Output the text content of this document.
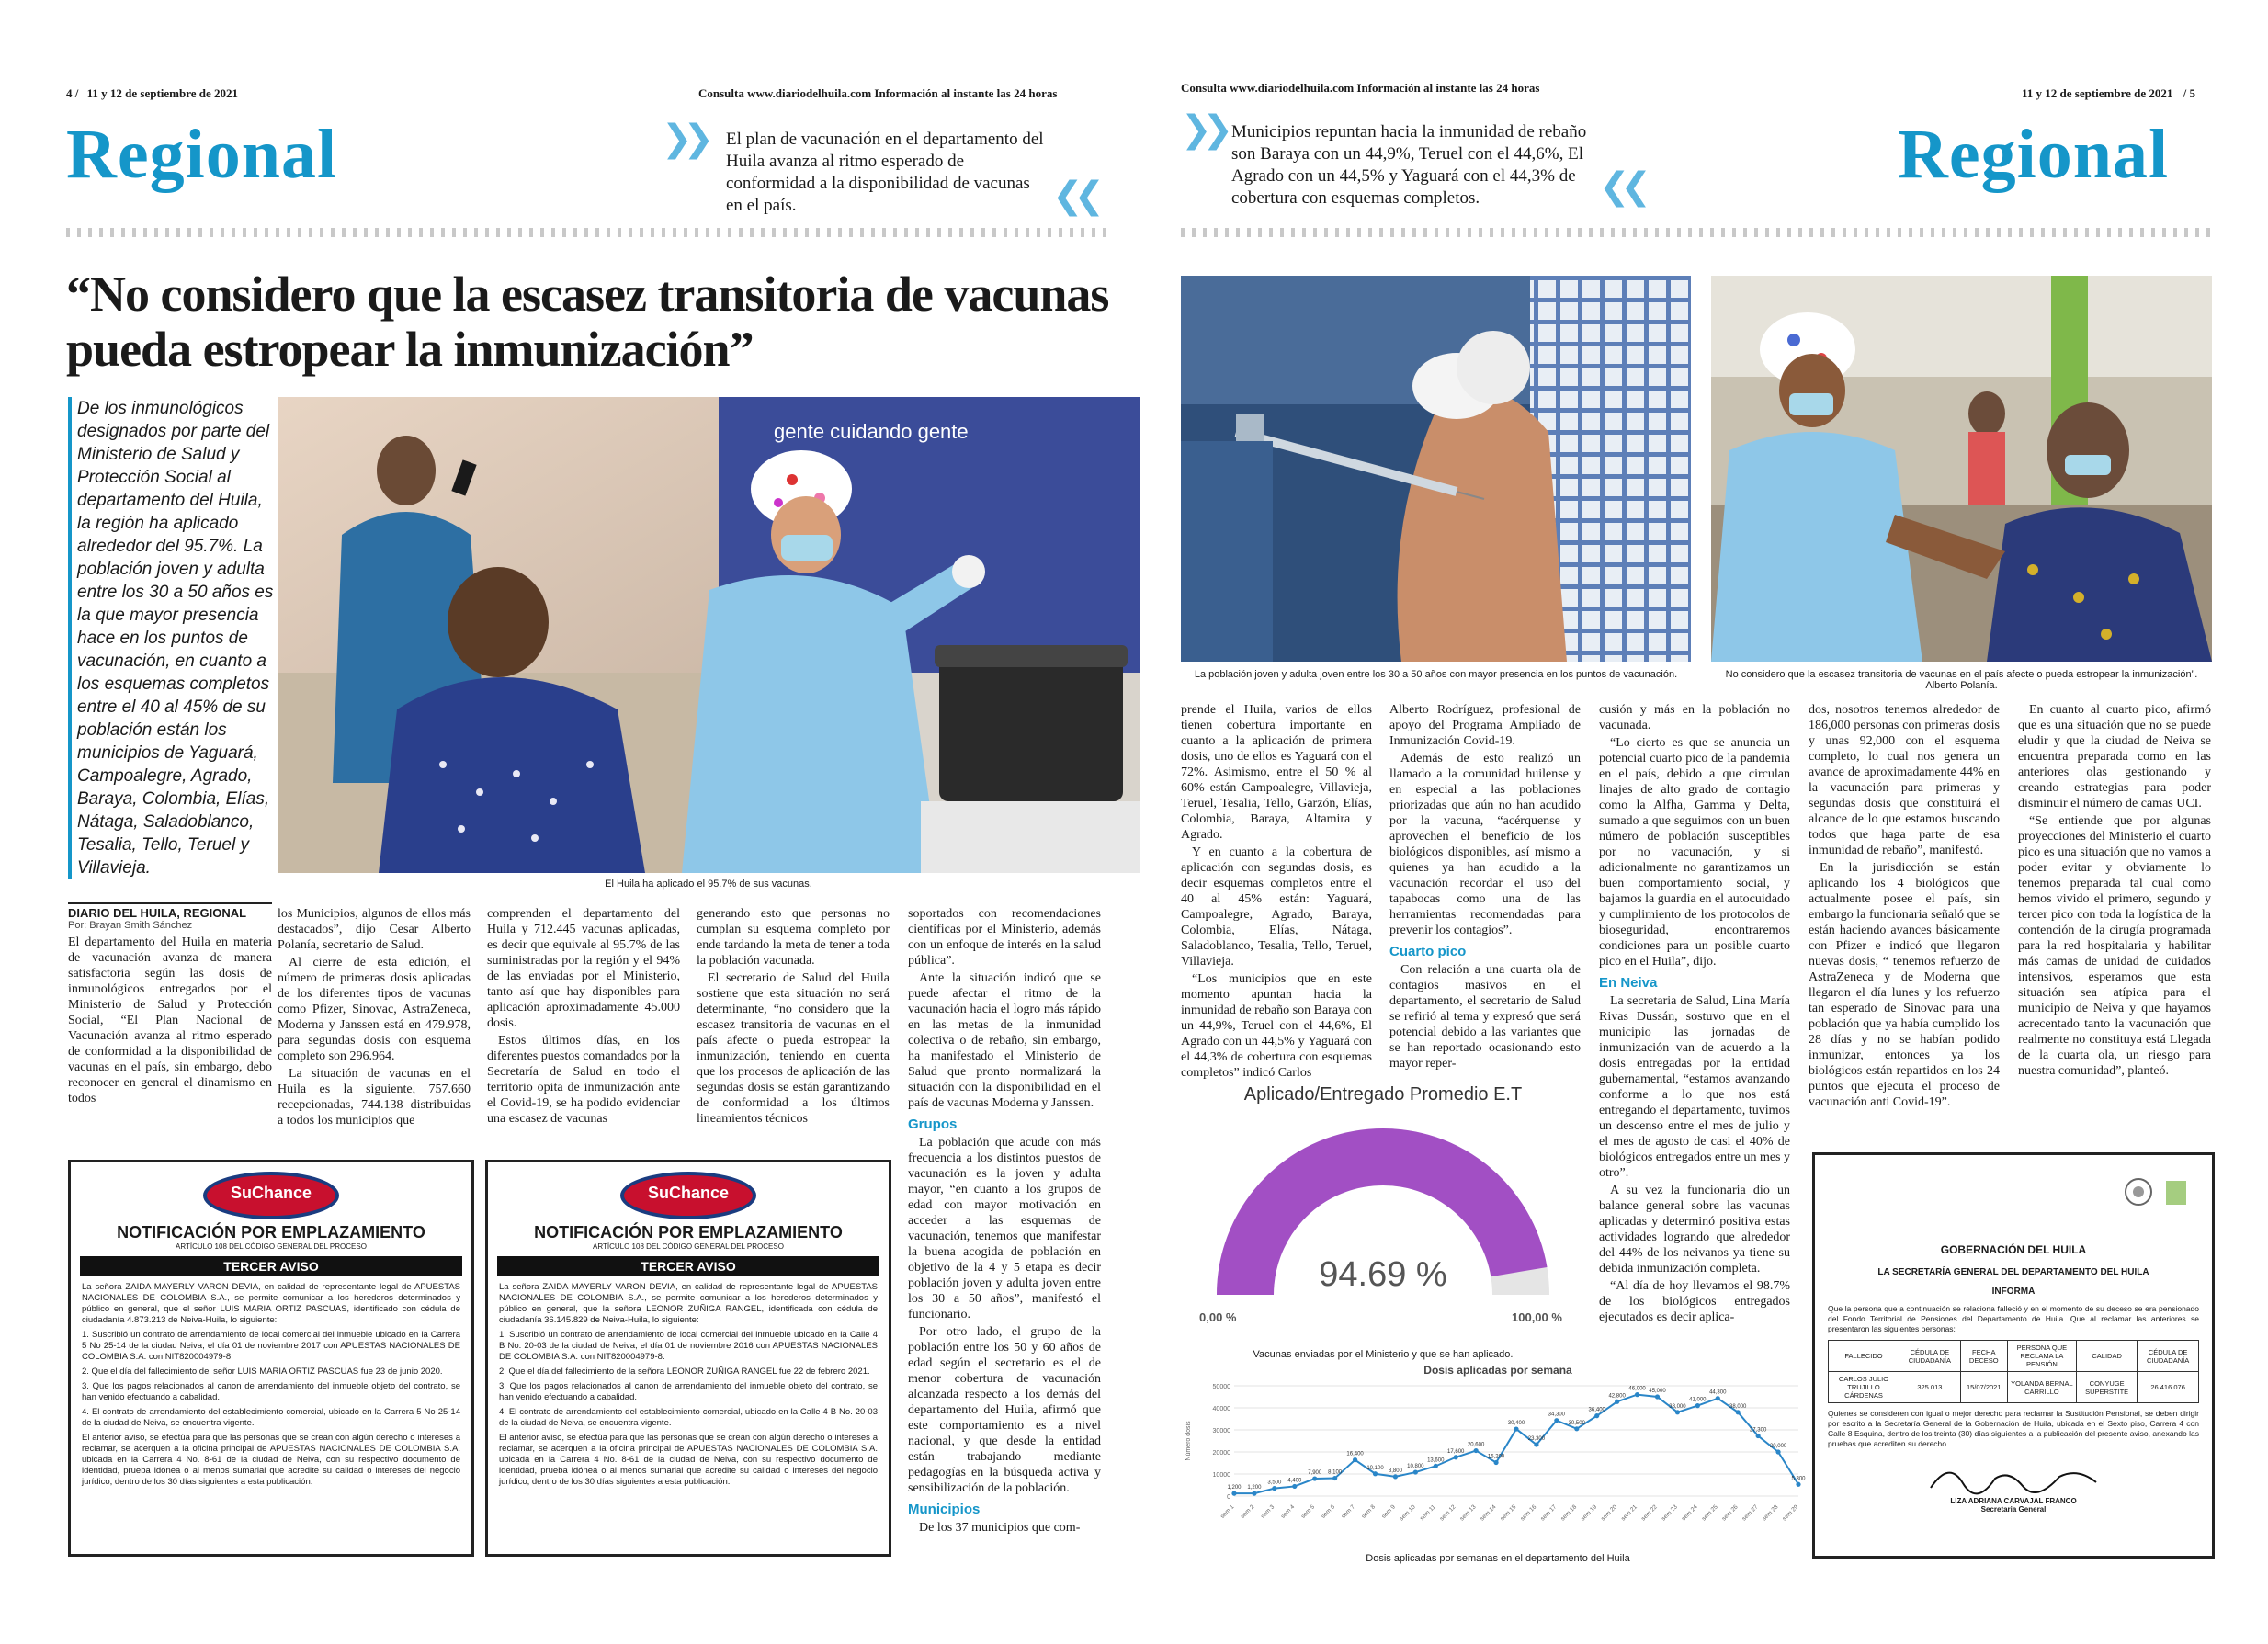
4 / 11 y 12 de septiembre de 2021	Consulta www.diariodelhuila.com Información al instante las 24 horas
Regional	❯❯ El plan de vacunación en el departamento del Huila avanza al ritmo esperado de conformidad a la disponibilidad de vacunas en el país.	❮❮
“No considero que la escasez transitoria de vacunas pueda estropear la inmunización”
De los inmunológicos designados por parte del Ministerio de Salud y Protección Social al departamento del Huila, la región ha aplicado alrededor del 95.7%. La población joven y adulta entre los 30 a 50 años es la que mayor presencia hace en los puntos de vacunación, en cuanto a los esquemas completos entre el 40 al 45% de su población están los municipios de Yaguará, Campoalegre, Agrado, Baraya, Colombia, Elías, Nátaga, Saladoblanco, Tesalia, Tello, Teruel y Villavieja.
gente cuidando gente
El Huila ha aplicado el 95.7% de sus vacunas.
DIARIO DEL HUILA, REGIONAL
Por: Brayan Smith Sánchez

El departamento del Huila en materia de vacunación avanza de manera satisfactoria según las dosis de inmunológicos entregados por el Ministerio de Salud y Protección Social, “El Plan Nacional de Vacunación avanza al ritmo esperado de conformidad a la disponibilidad de vacunas en el país, sin embargo, debo reconocer en general el dinamismo en todos

los Municipios, algunos de ellos más destacados”, dijo Cesar Alberto Polanía, secretario de Salud.

Al cierre de esta edición, el número de primeras dosis aplicadas de los diferentes tipos de vacunas como Pfizer, Sinovac, AstraZeneca, Moderna y Janssen está en 479.978, para segundas dosis con esquema completo son 296.964.

La situación de vacunas en el Huila es la siguiente, 757.660 recepcionadas, 744.138 distribuidas a todos los municipios que

comprenden el departamento del Huila y 712.445 vacunas aplicadas, es decir que equivale al 95.7% de las suministradas por la región y el 94% de las enviadas por el Ministerio, tanto así que hay disponibles para aplicación aproximadamente 45.000 dosis.

Estos últimos días, en los diferentes puestos comandados por la Secretaría de Salud en todo el territorio opita de inmunización ante el Covid-19, se ha podido evidenciar una escasez de vacunas

generando esto que personas no cumplan su esquema completo por ende tardando la meta de tener a toda la población vacunada.

El secretario de Salud del Huila sostiene que esta situación no será determinante, “no considero que la escasez transitoria de vacunas en el país afecte o pueda estropear la inmunización, teniendo en cuenta que los procesos de aplicación de las segundas dosis se están garantizando de conformidad a los últimos lineamientos técnicos

soportados con recomendaciones científicas por el Ministerio, además con un enfoque de interés en la salud pública”.

Ante la situación indicó que se puede afectar el ritmo de la vacunación hacia el logro más rápido en las metas de la inmunidad colectiva o de rebaño, sin embargo, ha manifestado el Ministerio de Salud que pronto normalizará la situación con la disponibilidad en el país de vacunas Moderna y Janssen.

Grupos

La población que acude con más frecuencia a los distintos puestos de vacunación es la joven y adulta mayor, “en cuanto a los grupos de edad con mayor motivación en acceder a las esquemas de vacunación, tenemos que manifestar la buena acogida de población en objetivo de la 4 y 5 etapa es decir población joven y adulta joven entre los 30 a 50 años”, manifestó el funcionario.

Por otro lado, el grupo de la población entre los 50 y 60 años de edad según el secretario es el de menor cobertura de vacunación alcanzada respecto a los demás del departamento del Huila, afirmó que este comportamiento es a nivel nacional, y que desde la entidad están trabajando mediante pedagogías en la búsqueda activa y sensibilización de la población.

Municipios

De los 37 municipios que com-

SuChance
NOTIFICACIÓN POR EMPLAZAMIENTO
ARTÍCULO 108 DEL CÓDIGO GENERAL DEL PROCESO
TERCER AVISO

La señora ZAIDA MAYERLY VARON DEVIA, en calidad de representante legal de APUESTAS NACIONALES DE COLOMBIA S.A., se permite comunicar a los herederos determinados y público en general, que el señor LUIS MARIA ORTIZ PASCUAS, identificado con cédula de ciudadanía 4.873.213 de Neiva-Huila, lo siguiente:

1. Suscribió un contrato de arrendamiento de local comercial del inmueble ubicado en la Carrera 5 No 25-14 de la ciudad Neiva, el día 01 de noviembre 2017 con APUESTAS NACIONALES DE COLOMBIA S.A. con NIT820004979-8.

2. Que el día del fallecimiento del señor LUIS MARIA ORTIZ PASCUAS fue 23 de junio 2020.

3. Que los pagos relacionados al canon de arrendamiento del inmueble objeto del contrato, se han venido efectuando a cabalidad.

4. El contrato de arrendamiento del establecimiento comercial, ubicado en la Carrera 5 No 25-14 de la ciudad de Neiva, se encuentra vigente.

El anterior aviso, se efectúa para que las personas que se crean con algún derecho o intereses a reclamar, se acerquen a la oficina principal de APUESTAS NACIONALES DE COLOMBIA S.A. ubicada en la Carrera 4 No. 8-61 de la ciudad de Neiva, con su respectivo documento de identidad, prueba idónea o al menos sumarial que acredite su calidad o intereses del negocio jurídico, dentro de los 30 días siguientes a esta publicación.

SuChance
NOTIFICACIÓN POR EMPLAZAMIENTO
ARTÍCULO 108 DEL CÓDIGO GENERAL DEL PROCESO
TERCER AVISO

La señora ZAIDA MAYERLY VARON DEVIA, en calidad de representante legal de APUESTAS NACIONALES DE COLOMBIA S.A., se permite comunicar a los herederos determinados y público en general, que la señora LEONOR ZUÑIGA RANGEL, identificada con cédula de ciudadanía 36.145.829 de Neiva-Huila, lo siguiente:

1. Suscribió un contrato de arrendamiento de local comercial del inmueble ubicado en la Calle 4 B No. 20-03 de la ciudad de Neiva, el día 01 de noviembre 2016 con APUESTAS NACIONALES DE COLOMBIA S.A. con NIT820004979-8.

2. Que el día del fallecimiento de la señora LEONOR ZUÑIGA RANGEL fue 22 de febrero 2021.

3. Que los pagos relacionados al canon de arrendamiento del inmueble objeto del contrato, se han venido efectuando a cabalidad.

4. El contrato de arrendamiento del establecimiento comercial, ubicado en la Calle 4 B No. 20-03 de la ciudad de Neiva, se encuentra vigente.

El anterior aviso, se efectúa para que las personas que se crean con algún derecho o intereses a reclamar, se acerquen a la oficina principal de APUESTAS NACIONALES DE COLOMBIA S.A. ubicada en la Carrera 4 No. 8-61 de la ciudad de Neiva, con su respectivo documento de identidad, prueba idónea o al menos sumarial que acredite su calidad o intereses del negocio jurídico, dentro de los 30 días siguientes a esta publicación.

Consulta www.diariodelhuila.com Información al instante las 24 horas	11 y 12 de septiembre de 2021 / 5
❯❯ Municipios repuntan hacia la inmunidad de rebaño son Baraya con un 44,9%, Teruel con el 44,6%, El Agrado con un 44,5% y Yaguará con el 44,3% de cobertura con esquemas completos.	❮❮	Regional
La población joven y adulta joven entre los 30 a 50 años con mayor presencia en los puntos de vacunación.	No considero que la escasez transitoria de vacunas en el país afecte o pueda estropear la inmunización”. Alberto Polanía.

prende el Huila, varios de ellos tienen cobertura importante en cuanto a la aplicación de primera dosis, uno de ellos es Yaguará con el 72%. Asimismo, entre el 50 % al 60% están Campoalegre, Villavieja, Teruel, Tesalia, Tello, Garzón, Elías, Colombia, Baraya, Altamira y Agrado.

Y en cuanto a la cobertura de aplicación con segundas dosis, es decir esquemas completos entre el 40 al 45% están: Yaguará, Campoalegre, Agrado, Baraya, Colombia, Elías, Nátaga, Saladoblanco, Tesalia, Tello, Teruel, Villavieja.

“Los municipios que en este momento apuntan hacia la inmunidad de rebaño son Baraya con un 44,9%, Teruel con el 44,6%, El Agrado con un 44,5% y Yaguará con el 44,3% de cobertura con esquemas completos” indicó Carlos

Alberto Rodríguez, profesional de apoyo del Programa Ampliado de Inmunización Covid-19.

Además de esto realizó un llamado a la comunidad huilense y en especial a las poblaciones priorizadas que aún no han acudido por la vacuna, “acérquense y aprovechen el beneficio de los biológicos disponibles, así mismo a quienes ya han acudido a la vacunación recordar el uso del tapabocas como una de las herramientas recomendadas para prevenir los contagios”.

Cuarto pico

Con relación a una cuarta ola de contagios masivos en el departamento, el secretario de Salud se refirió al tema y expresó que será potencial debido a las variantes que se han reportado ocasionando esto mayor reper-

cusión y más en la población no vacunada.

“Lo cierto es que se anuncia un potencial cuarto pico de la pandemia en el país, debido a que circulan linajes de alto grado de contagio como la Alfha, Gamma y Delta, sumado a que seguimos con un buen número de población susceptibles por no vacunación, y si adicionalmente no garantizamos un buen comportamiento social, y bajamos la guardia en el autocuidado y cumplimiento de los protocolos de bioseguridad, encontraremos condiciones para un posible cuarto pico en el Huila”, dijo.

En Neiva

La secretaria de Salud, Lina María Rivas Dussán, sostuvo que en el municipio las jornadas de inmunización van de acuerdo a la dosis entregadas por la entidad gubernamental, “estamos avanzando conforme a lo que nos está entregando el departamento, tuvimos un descenso entre el mes de julio y el mes de agosto de casi el 40% de biológicos entregados entre un mes y otro”.

A su vez la funcionaria dio un balance general sobre las vacunas aplicadas y determinó positiva estas actividades logrando que alrededor del 44% de los neivanos ya tiene su debida inmunización completa.

“Al día de hoy llevamos el 98.7% de los biológicos entregados ejecutados es decir aplica-

dos, nosotros tenemos alrededor de 186,000 personas con primeras dosis y unas 92,000 con el esquema completo, lo cual nos genera un avance de aproximadamente 44% en la vacunación para primeras y segundas dosis que constituirá el alcance de lo que estamos buscando todos que haga parte de esa inmunidad de rebaño”, manifestó.

En la jurisdicción se están aplicando los 4 biológicos que actualmente posee el país, sin embargo la funcionaria señaló que se están haciendo avances básicamente con Pfizer e indicó que llegaron nuevas dosis, “ tenemos refuerzo de AstraZeneca y de Moderna que llegaron el día lunes y los refuerzo tan esperado de Sinovac para una población que ya había cumplido los 28 días y no se habían podido inmunizar, entonces ya los biológicos están repartidos en los 24 puntos que ejecuta el proceso de vacunación anti Covid-19”.

En cuanto al cuarto pico, afirmó que es una situación que no se puede eludir y que la ciudad de Neiva se encuentra preparada como en las anteriores olas gestionando y creando estrategias para poder disminuir el número de camas UCI.

“Se entiende que por algunas proyecciones del Ministerio el cuarto pico es una situación que no vamos a poder evitar y obviamente lo tenemos preparada tal cual como hemos vivido el primero, segundo y tercer pico con toda la logística de la contención de la cirugía programada para la red hospitalaria y habilitar más camas de unidad de cuidados intensivos, esperamos que esta situación sea atípica para el municipio de Neiva y que hayamos acrecentado tanto la vacunación que realmente no constituya está Llegada de la cuarta ola, un riesgo para nuestra comunidad”, planteó.

Aplicado/Entregado Promedio E.T
94.69 %
0,00 %	100,00 %
Vacunas enviadas por el Ministerio y que se han aplicado.
Dosis aplicadas por semana
0
10000
20000
30000
40000
50000
Número dosis
1,200
sem 1
1,200
sem 2
3,500
sem 3
4,400
sem 4
7,900
sem 5
8,100
sem 6
16,400
sem 7
10,100
sem 8
8,800
sem 9
10,800
sem 10
13,600
sem 11
17,600
sem 12
20,600
sem 13
15,200
sem 14
30,400
sem 15
23,300
sem 16
34,300
sem 17
30,500
sem 18
36,400
sem 19
42,800
sem 20
46,000
sem 21
45,000
sem 22
38,000
sem 23
41,000
sem 24
44,300
sem 25
38,000
sem 26
27,300
sem 27
20,000
sem 28
5,300
sem 29
Dosis aplicadas por semanas en el departamento del Huila
GOBERNACIÓN DEL HUILA
LA SECRETARÍA GENERAL DEL DEPARTAMENTO DEL HUILA
INFORMA
Que la persona que a continuación se relaciona falleció y en el momento de su deceso se era pensionado del Fondo Territorial de Pensiones del Departamento de Huila. Que al reclamar las anteriores se presentaron las siguientes personas:
FALLECIDO	CÉDULA DE CIUDADANÍA	FECHA DECESO	PERSONA QUE RECLAMA LA PENSIÓN	CALIDAD	CÉDULA DE CIUDADANÍA
CARLOS JULIO TRUJILLO CÁRDENAS	325.013	15/07/2021	YOLANDA BERNAL CARRILLO	CONYUGE SUPERSTITE	26.416.076
Quienes se consideren con igual o mejor derecho para reclamar la Sustitución Pensional, se deben dirigir por escrito a la Secretaría General de la Gobernación de Huila, ubicada en el Sexto piso, Carrera 4 con Calle 8 Esquina, dentro de los treinta (30) días siguientes a la publicación del presente aviso, anexando las pruebas que acrediten su derecho.
LIZA ADRIANA CARVAJAL FRANCO
Secretaria General
